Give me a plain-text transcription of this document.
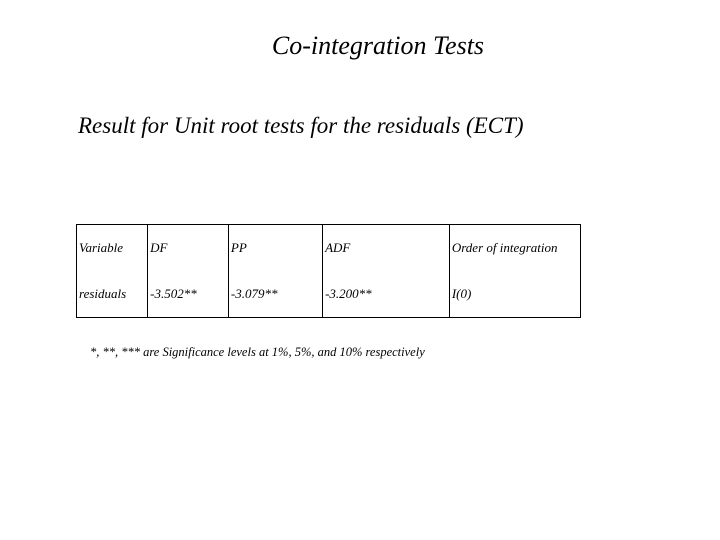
Co-integration Tests
Result for Unit root tests for the residuals (ECT)
Variable	DF	PP	ADF	Order of integration
residuals	-3.502**	-3.079**	-3.200**	I(0)
*, **, *** are Significance levels at 1%, 5%, and 10% respectively
